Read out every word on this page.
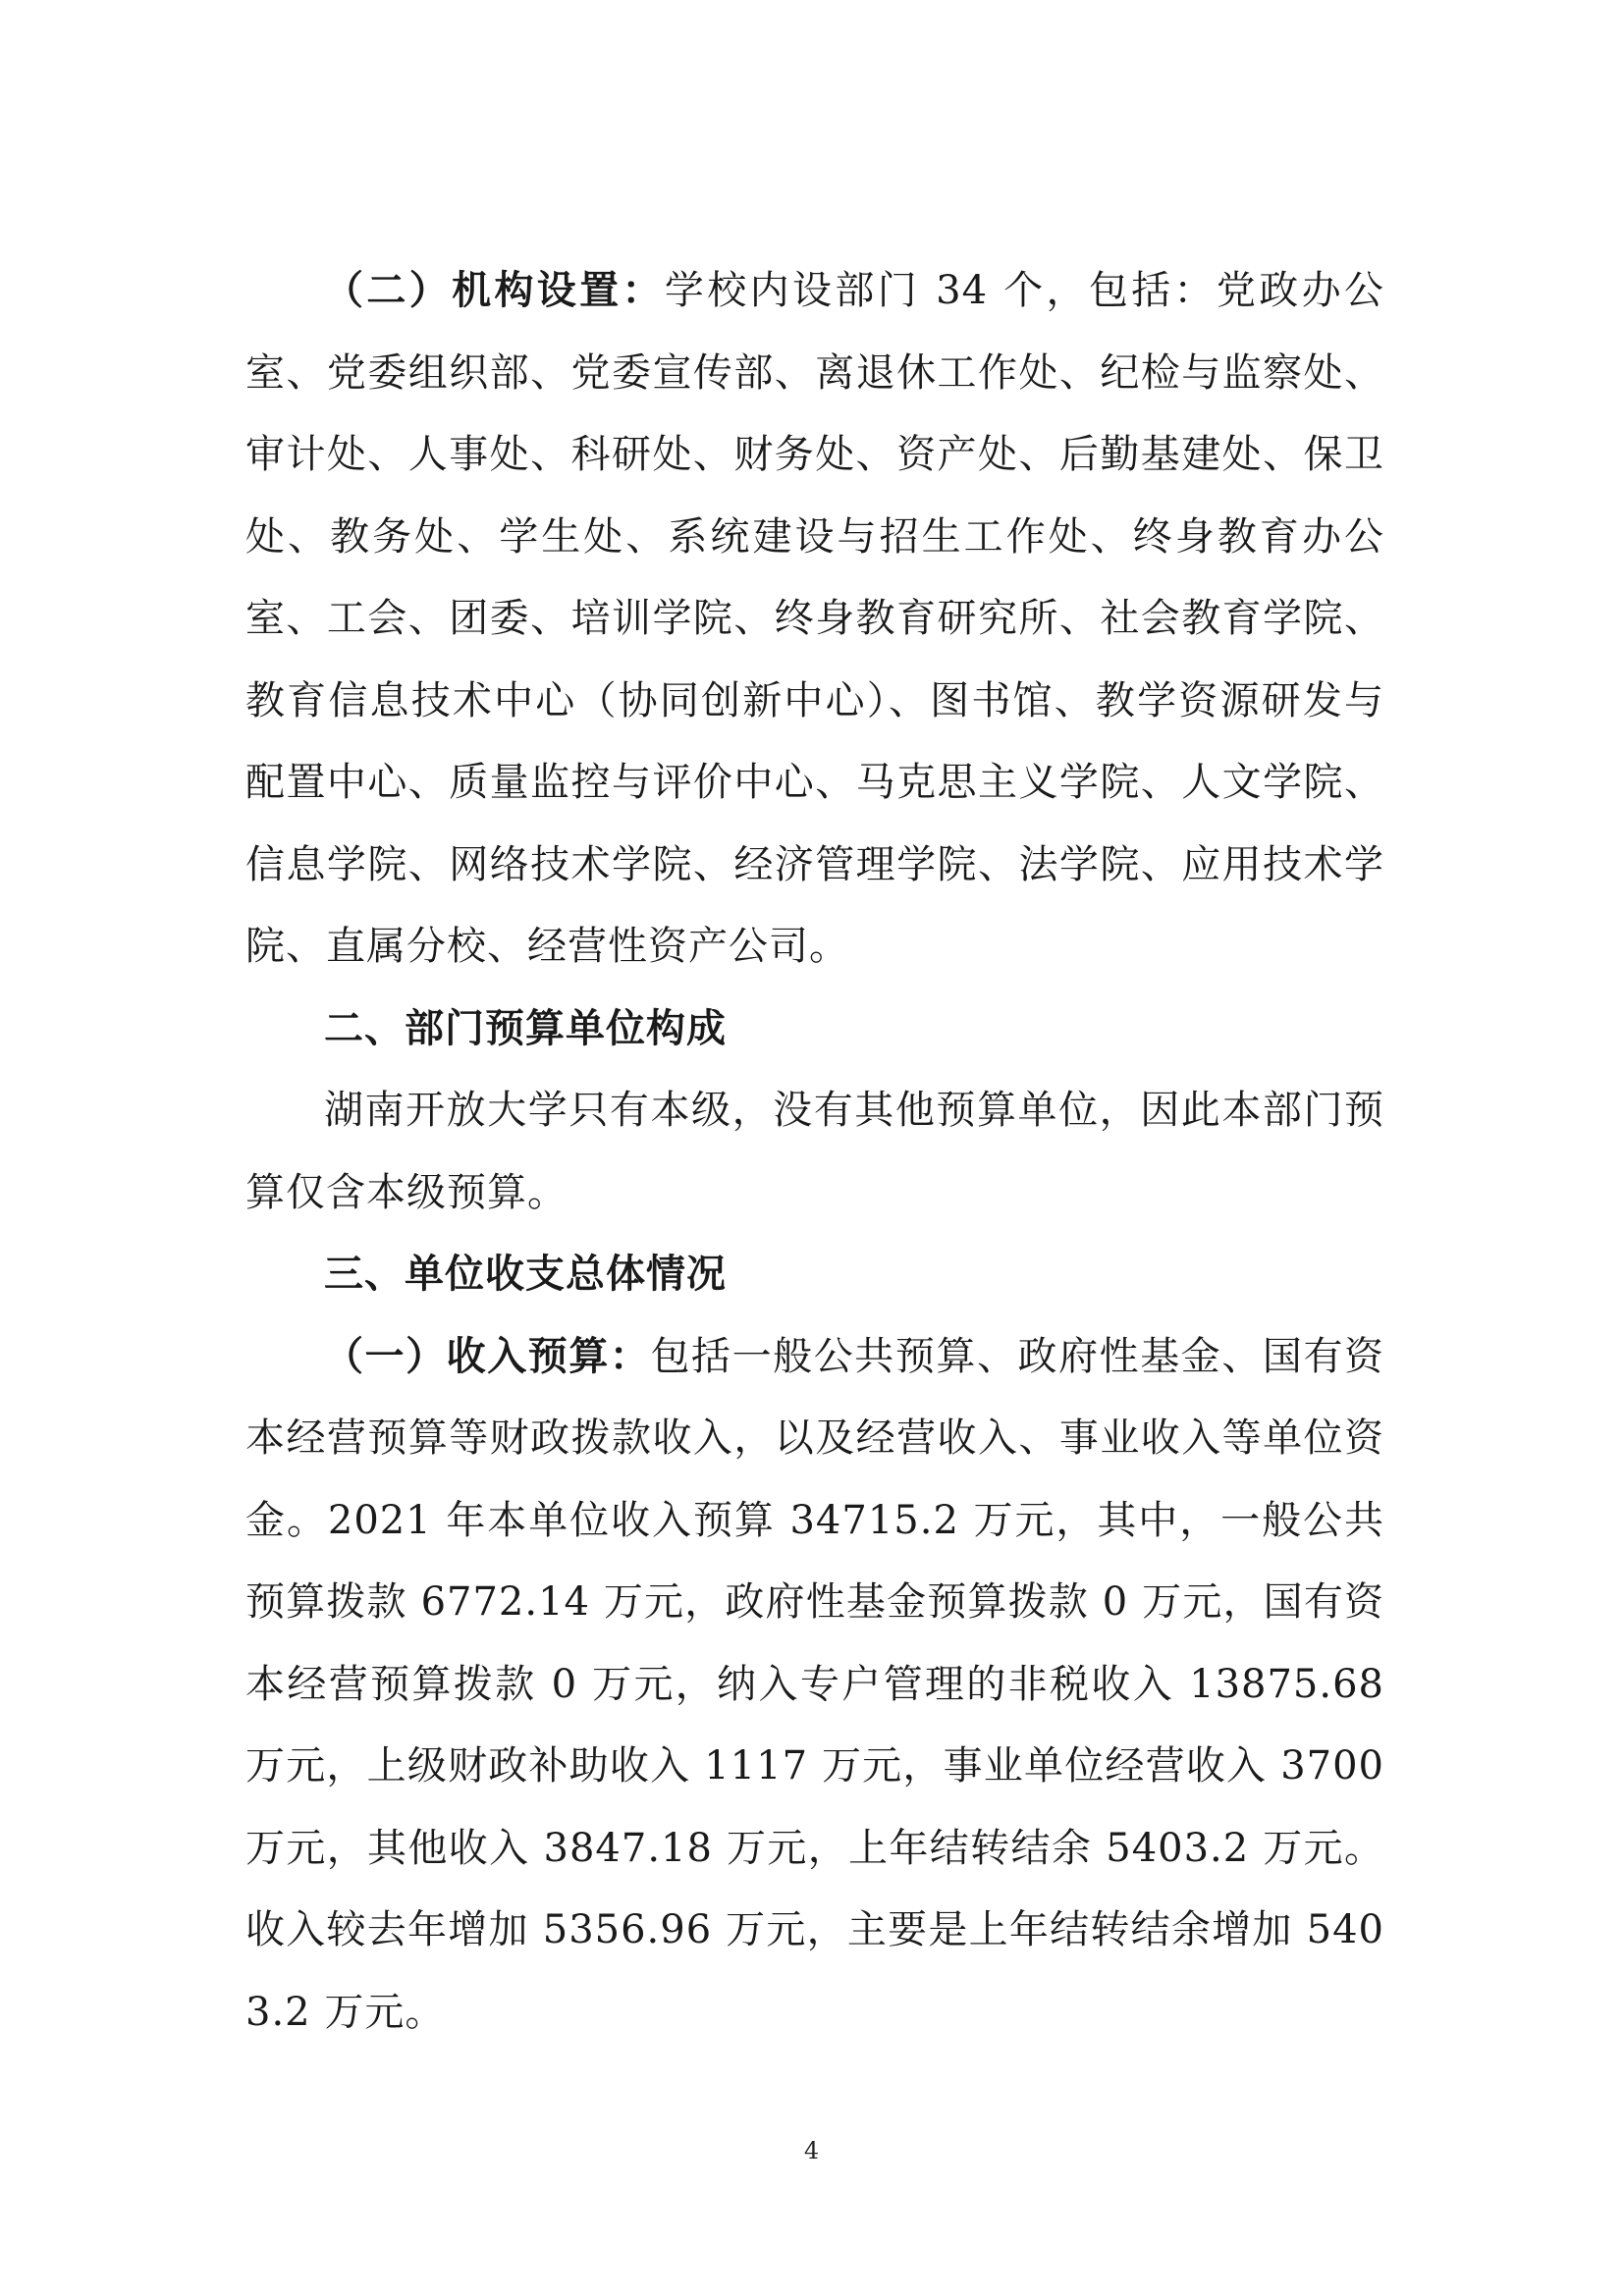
（二）机构设置：学校内设部门 34 个，包括：党政办公室、党委组织部、党委宣传部、离退休工作处、纪检与监察处、审计处、人事处、科研处、财务处、资产处、后勤基建处、保卫处、教务处、学生处、系统建设与招生工作处、终身教育办公室、工会、团委、培训学院、终身教育研究所、社会教育学院、教育信息技术中心（协同创新中心）、图书馆、教学资源研发与配置中心、质量监控与评价中心、马克思主义学院、人文学院、信息学院、网络技术学院、经济管理学院、法学院、应用技术学院、直属分校、经营性资产公司。

二、部门预算单位构成

湖南开放大学只有本级，没有其他预算单位，因此本部门预算仅含本级预算。

三、单位收支总体情况

（一）收入预算：包括一般公共预算、政府性基金、国有资本经营预算等财政拨款收入，以及经营收入、事业收入等单位资金。2021 年本单位收入预算 34715.2 万元，其中，一般公共预算拨款 6772.14 万元，政府性基金预算拨款 0 万元，国有资本经营预算拨款 0 万元，纳入专户管理的非税收入 13875.68 万元，上级财政补助收入 1117 万元，事业单位经营收入 3700 万元，其他收入 3847.18 万元，上年结转结余 5403.2 万元。收入较去年增加 5356.96 万元，主要是上年结转结余增加 5403.2 万元。

4
